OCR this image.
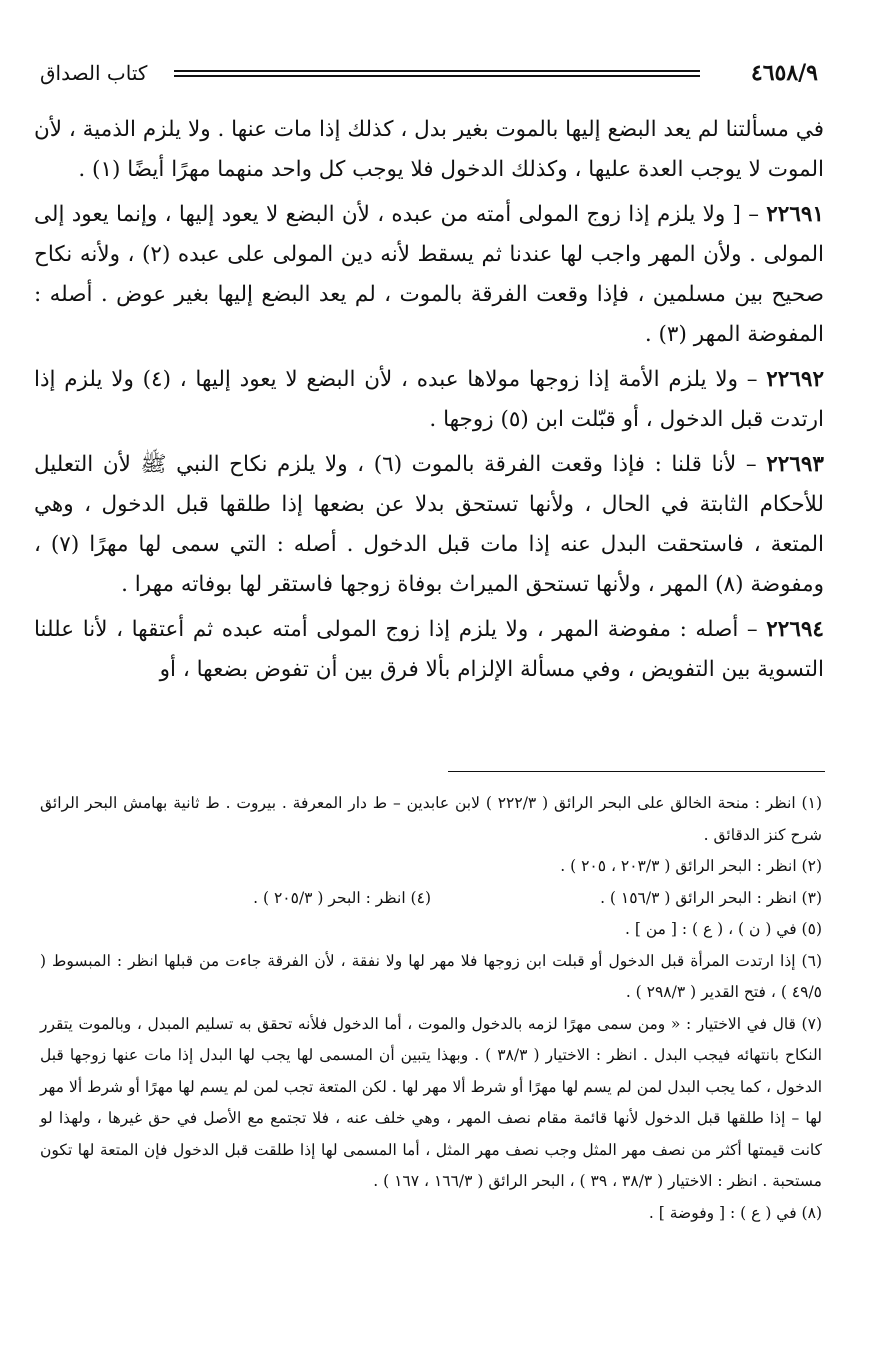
٤٦٥٨/٩
كتاب الصداق

في مسألتنا لم يعد البضع إليها بالموت بغير بدل ، كذلك إذا مات عنها . ولا يلزم الذمية ، لأن الموت لا يوجب العدة عليها ، وكذلك الدخول فلا يوجب كل واحد منهما مهرًا أيضًا (١) .

٢٢٦٩١ – [ ولا يلزم إذا زوج المولى أمته من عبده ، لأن البضع لا يعود إليها ، وإنما يعود إلى المولى . ولأن المهر واجب لها عندنا ثم يسقط لأنه دين المولى على عبده (٢) ، ولأنه نكاح صحيح بين مسلمين ، فإذا وقعت الفرقة بالموت ، لم يعد البضع إليها بغير عوض . أصله : المفوضة المهر (٣) .

٢٢٦٩٢ – ولا يلزم الأمة إذا زوجها مولاها عبده ، لأن البضع لا يعود إليها ، (٤) ولا يلزم إذا ارتدت قبل الدخول ، أو قبّلت ابن (٥) زوجها .

٢٢٦٩٣ – لأنا قلنا : فإذا وقعت الفرقة بالموت (٦) ، ولا يلزم نكاح النبي ﷺ لأن التعليل للأحكام الثابتة في الحال ، ولأنها تستحق بدلا عن بضعها إذا طلقها قبل الدخول ، وهي المتعة ، فاستحقت البدل عنه إذا مات قبل الدخول . أصله : التي سمى لها مهرًا (٧) ، ومفوضة (٨) المهر ، ولأنها تستحق الميراث بوفاة زوجها فاستقر لها بوفاته مهرا .

٢٢٦٩٤ – أصله : مفوضة المهر ، ولا يلزم إذا زوج المولى أمته عبده ثم أعتقها ، لأنا عللنا التسوية بين التفويض ، وفي مسألة الإلزام بألا فرق بين أن تفوض بضعها ، أو

(١) انظر : منحة الخالق على البحر الرائق ( ٢٢٢/٣ ) لابن عابدين – ط دار المعرفة . بيروت . ط ثانية بهامش البحر الرائق شرح كنز الدقائق .

(٢) انظر : البحر الرائق ( ٢٠٣/٣ ، ٢٠٥ ) .

(٣) انظر : البحر الرائق ( ١٥٦/٣ ) .

(٤) انظر : البحر ( ٢٠٥/٣ ) .

(٥) في ( ن ) ، ( ع ) : [ من ] .

(٦) إذا ارتدت المرأة قبل الدخول أو قبلت ابن زوجها فلا مهر لها ولا نفقة ، لأن الفرقة جاءت من قبلها انظر : المبسوط ( ٤٩/٥ ) ، فتح القدير ( ٢٩٨/٣ ) .

(٧) قال في الاختيار : « ومن سمى مهرًا لزمه بالدخول والموت ، أما الدخول فلأنه تحقق به تسليم المبدل ، وبالموت يتقرر النكاح بانتهائه فيجب البدل . انظر : الاختيار ( ٣٨/٣ ) . وبهذا يتبين أن المسمى لها يجب لها البدل إذا مات عنها زوجها قبل الدخول ، كما يجب البدل لمن لم يسم لها مهرًا أو شرط ألا مهر لها . لكن المتعة تجب لمن لم يسم لها مهرًا أو شرط ألا مهر لها – إذا طلقها قبل الدخول لأنها قائمة مقام نصف المهر ، وهي خلف عنه ، فلا تجتمع مع الأصل في حق غيرها ، ولهذا لو كانت قيمتها أكثر من نصف مهر المثل وجب نصف مهر المثل ، أما المسمى لها إذا طلقت قبل الدخول فإن المتعة لها تكون مستحبة . انظر : الاختيار ( ٣٨/٣ ، ٣٩ ) ، البحر الرائق ( ١٦٦/٣ ، ١٦٧ ) .

(٨) في ( ع ) : [ وفوضة ] .
